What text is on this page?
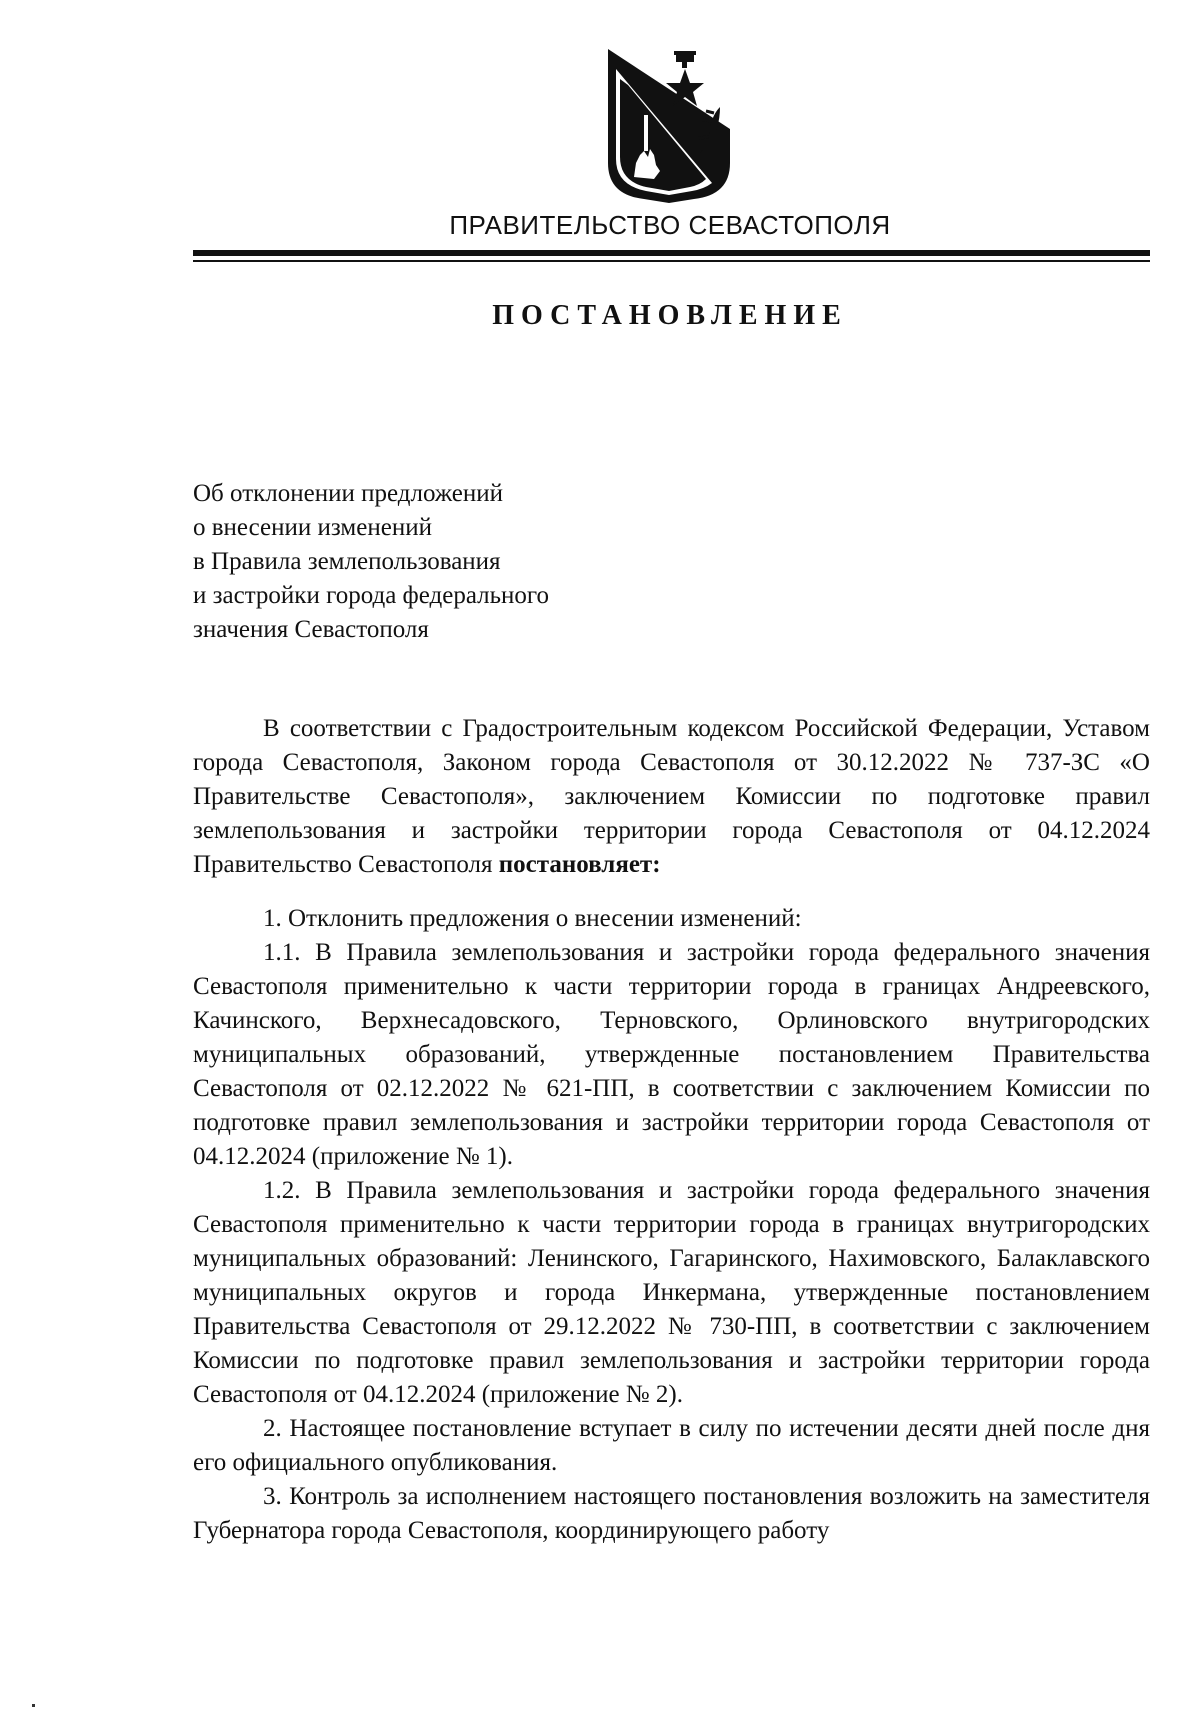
ПРАВИТЕЛЬСТВО СЕВАСТОПОЛЯ
ПОСТАНОВЛЕНИЕ
Об отклонении предложений
о внесении изменений
в Правила землепользования
и застройки города федерального
значения Севастополя

В соответствии с Градостроительным кодексом Российской Федерации, Уставом города Севастополя, Законом города Севастополя от 30.12.2022 № 737-ЗС «О Правительстве Севастополя», заключением Комиссии по подготовке правил землепользования и застройки территории города Севастополя от 04.12.2024 Правительство Севастополя постановляет:

1. Отклонить предложения о внесении изменений:

1.1. В Правила землепользования и застройки города федерального значения Севастополя применительно к части территории города в границах Андреевского, Качинского, Верхнесадовского, Терновского, Орлиновского внутригородских муниципальных образований, утвержденные постановлением Правительства Севастополя от 02.12.2022 № 621-ПП, в соответствии с заключением Комиссии по подготовке правил землепользования и застройки территории города Севастополя от 04.12.2024 (приложение № 1).

1.2. В Правила землепользования и застройки города федерального значения Севастополя применительно к части территории города в границах внутригородских муниципальных образований: Ленинского, Гагаринского, Нахимовского, Балаклавского муниципальных округов и города Инкермана, утвержденные постановлением Правительства Севастополя от 29.12.2022 № 730-ПП, в соответствии с заключением Комиссии по подготовке правил землепользования и застройки территории города Севастополя от 04.12.2024 (приложение № 2).

2. Настоящее постановление вступает в силу по истечении десяти дней после дня его официального опубликования.

3. Контроль за исполнением настоящего постановления возложить на заместителя Губернатора города Севастополя, координирующего работу
